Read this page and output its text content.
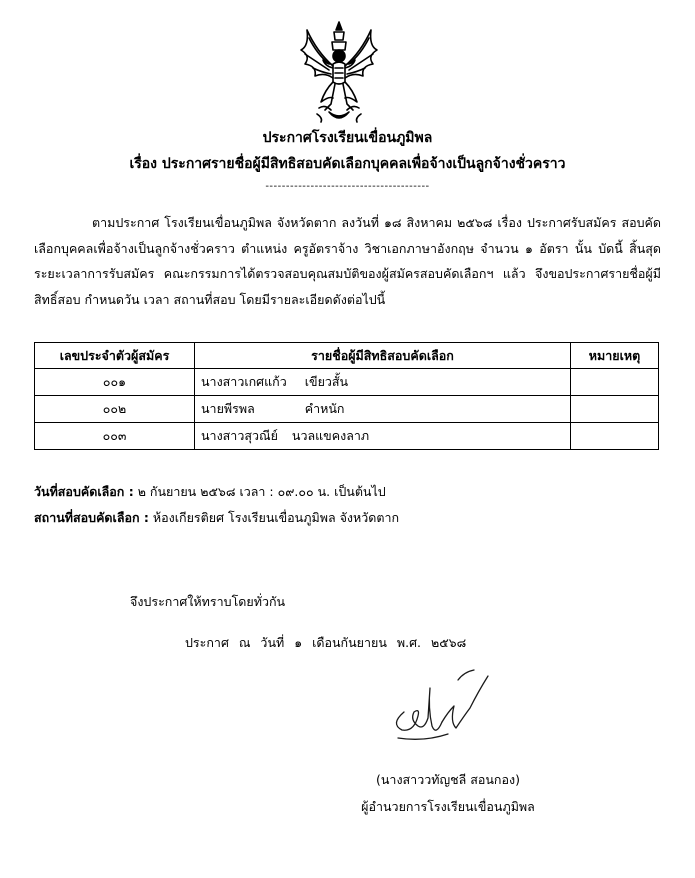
ประกาศโรงเรียนเขื่อนภูมิพล
เรื่อง ประกาศรายชื่อผู้มีสิทธิสอบคัดเลือกบุคคลเพื่อจ้างเป็นลูกจ้างชั่วคราว
----------------------------------------
ตามประกาศ โรงเรียนเขื่อนภูมิพล จังหวัดตาก ลงวันที่ ๑๘ สิงหาคม ๒๕๖๘ เรื่อง ประกาศรับสมัคร สอบคัดเลือกบุคคลเพื่อจ้างเป็นลูกจ้างชั่วคราว ตำแหน่ง ครูอัตราจ้าง วิชาเอกภาษาอังกฤษ จำนวน ๑ อัตรา นั้น บัดนี้ สิ้นสุดระยะเวลาการรับสมัคร คณะกรรมการได้ตรวจสอบคุณสมบัติของผู้สมัครสอบคัดเลือกฯ แล้ว จึงขอประกาศรายชื่อผู้มีสิทธิ์สอบ กำหนดวัน เวลา สถานที่สอบ โดยมีรายละเอียดดังต่อไปนี้
เลขประจำตัวผู้สมัคร	รายชื่อผู้มีสิทธิสอบคัดเลือก	หมายเหตุ
๐๐๑	นางสาวเกศแก้ว เขียวสั้น	
๐๐๒	นายพีรพล คำหนัก	
๐๐๓	นางสาวสุวณีย์ นวลแขคงลาภ	
วันที่สอบคัดเลือก : ๒ กันยายน ๒๕๖๘ เวลา : ๐๙.๐๐ น. เป็นต้นไป
สถานที่สอบคัดเลือก : ห้องเกียรติยศ โรงเรียนเขื่อนภูมิพล จังหวัดตาก
จึงประกาศให้ทราบโดยทั่วกัน
ประกาศ ณ วันที่ ๑ เดือนกันยายน พ.ศ. ๒๕๖๘
(นางสาววทัญชลี สอนกอง)
ผู้อำนวยการโรงเรียนเขื่อนภูมิพล
